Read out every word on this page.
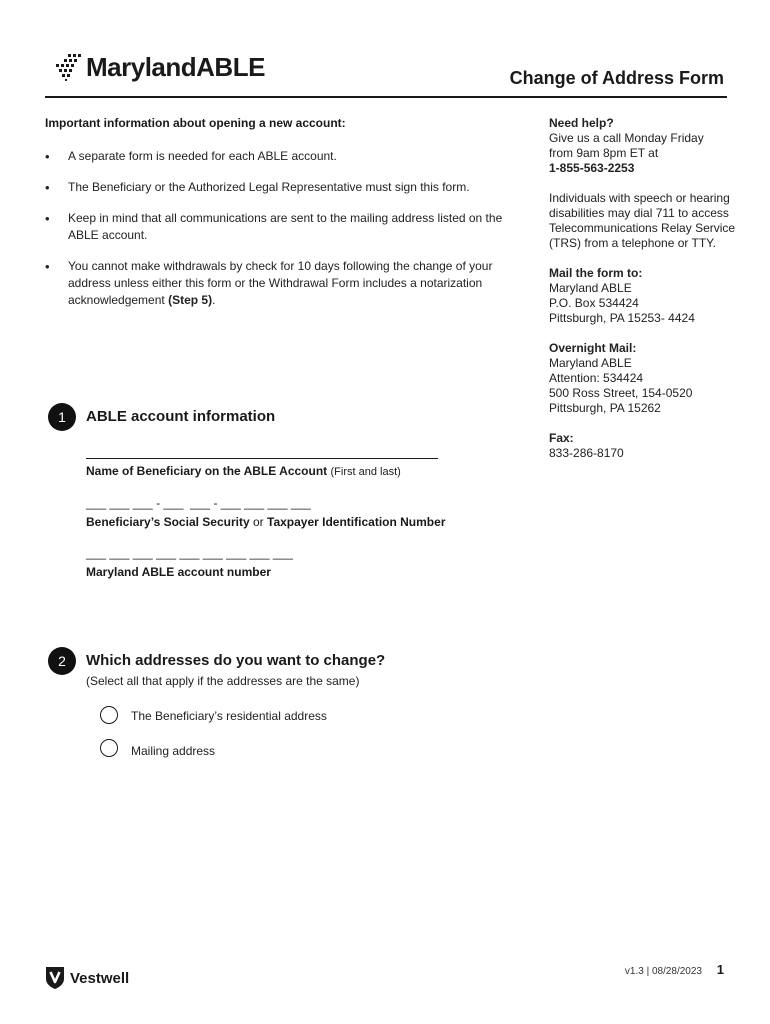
MarylandABLE	Change of Address Form
Important information about opening a new account:
• A separate form is needed for each ABLE account.
• The Beneficiary or the Authorized Legal Representative must sign this form.
• Keep in mind that all communications are sent to the mailing address listed on the ABLE account.
• You cannot make withdrawals by check for 10 days following the change of your address unless either this form or the Withdrawal Form includes a notarization acknowledgement (Step 5).
Need help?
Give us a call Monday Friday
from 9am 8pm ET at
1-855-563-2253
Individuals with speech or hearing disabilities may dial 711 to access Telecommunications Relay Service (TRS) from a telephone or TTY.
Mail the form to:
Maryland ABLE
P.O. Box 534424
Pittsburgh, PA 15253- 4424
Overnight Mail:
Maryland ABLE
Attention: 534424
500 Ross Street, 154-0520
Pittsburgh, PA 15262
Fax:
833-286-8170
1	ABLE account information
Name of Beneficiary on the ABLE Account (First and last)
___ ___ ___ - ___  ___ - ___ ___ ___ ___
Beneficiary’s Social Security or Taxpayer Identification Number
___ ___ ___ ___ ___ ___ ___ ___ ___
Maryland ABLE account number
2	Which addresses do you want to change?
(Select all that apply if the addresses are the same)
The Beneficiary’s residential address
Mailing address
Vestwell	v1.3 | 08/28/2023 1
